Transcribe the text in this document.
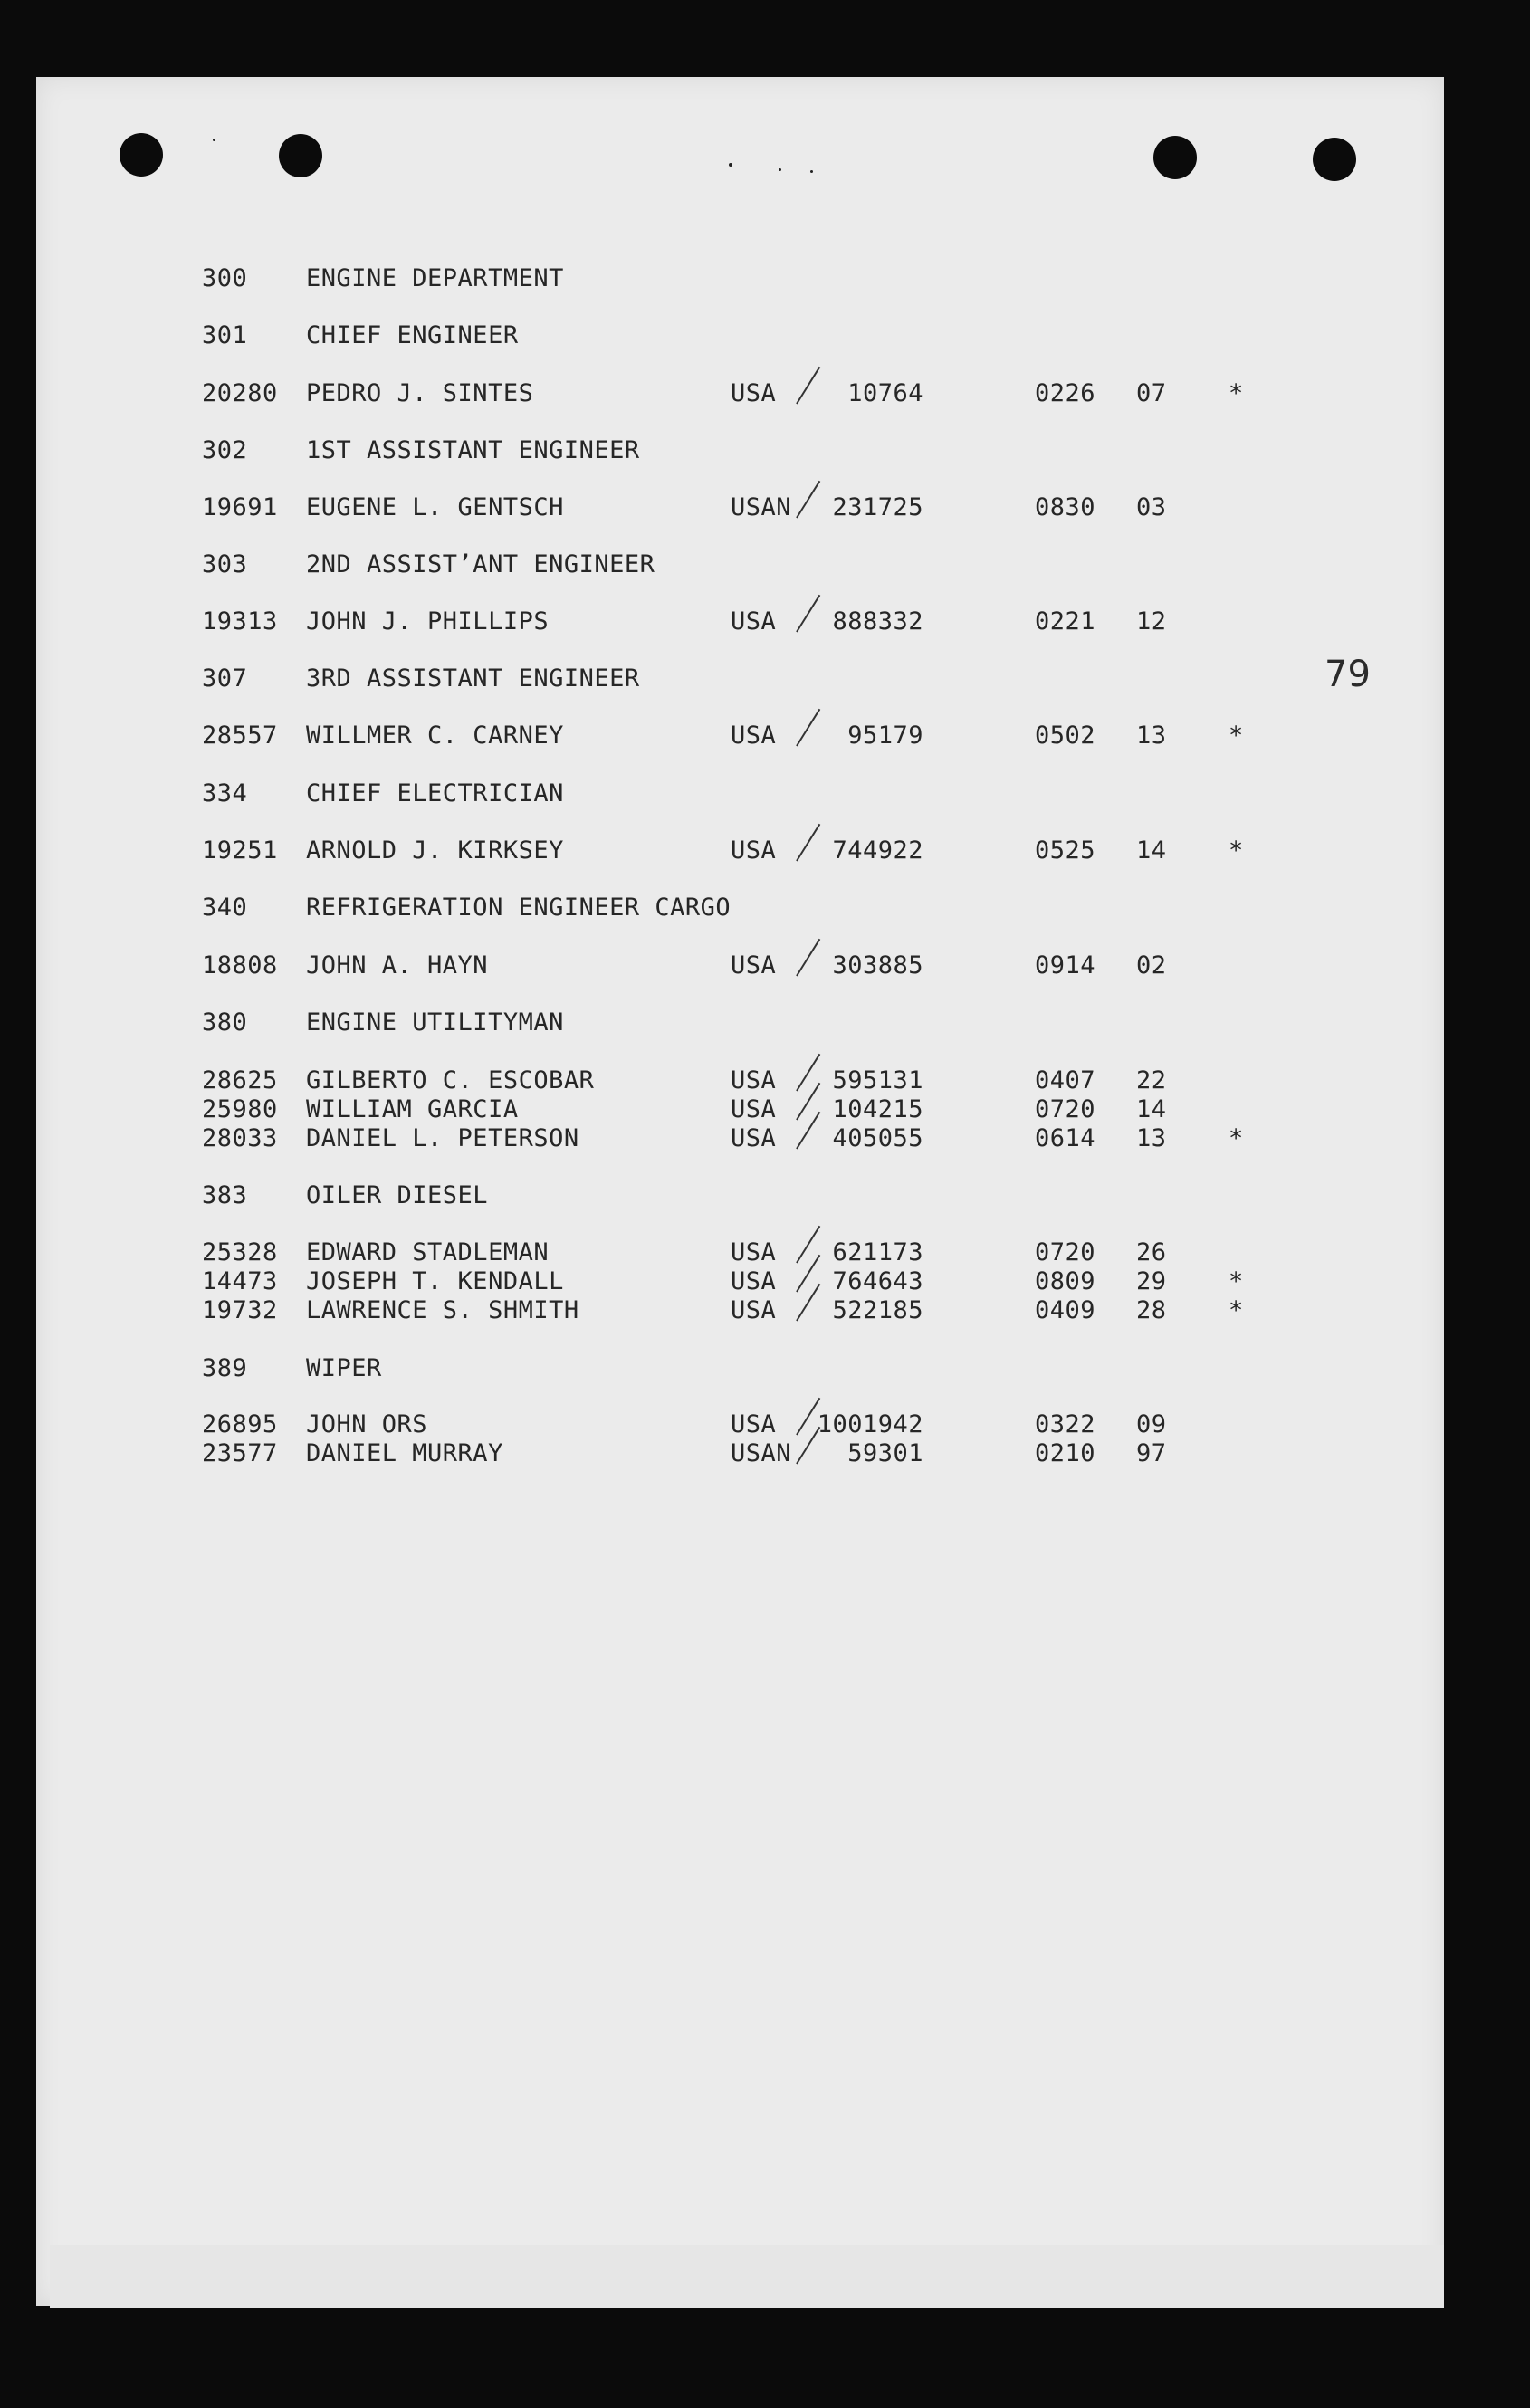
79
300 ENGINE DEPARTMENT
301 CHIEF ENGINEER
20280 PEDRO J. SINTES	USA	10764	0226 07	*
302 1ST ASSISTANT ENGINEER
19691 EUGENE L. GENTSCH	USAN	231725	0830 03
303 2ND ASSIST’ANT ENGINEER
19313 JOHN J. PHILLIPS	USA	888332	0221 12
307 3RD ASSISTANT ENGINEER
28557 WILLMER C. CARNEY	USA	95179	0502 13	*
334 CHIEF ELECTRICIAN
19251 ARNOLD J. KIRKSEY	USA	744922	0525 14	*
340 REFRIGERATION ENGINEER CARGO
18808 JOHN A. HAYN	USA	303885	0914 02
380 ENGINE UTILITYMAN
28625 GILBERTO C. ESCOBAR	USA	595131	0407 22
25980 WILLIAM GARCIA	USA	104215	0720 14
28033 DANIEL L. PETERSON	USA	405055	0614 13	*
383 OILER DIESEL
25328 EDWARD STADLEMAN	USA	621173	0720 26
14473 JOSEPH T. KENDALL	USA	764643	0809 29	*
19732 LAWRENCE S. SHMITH	USA	522185	0409 28	*
389 WIPER
26895 JOHN ORS	USA	1001942	0322 09
23577 DANIEL MURRAY	USAN	59301	0210 97
